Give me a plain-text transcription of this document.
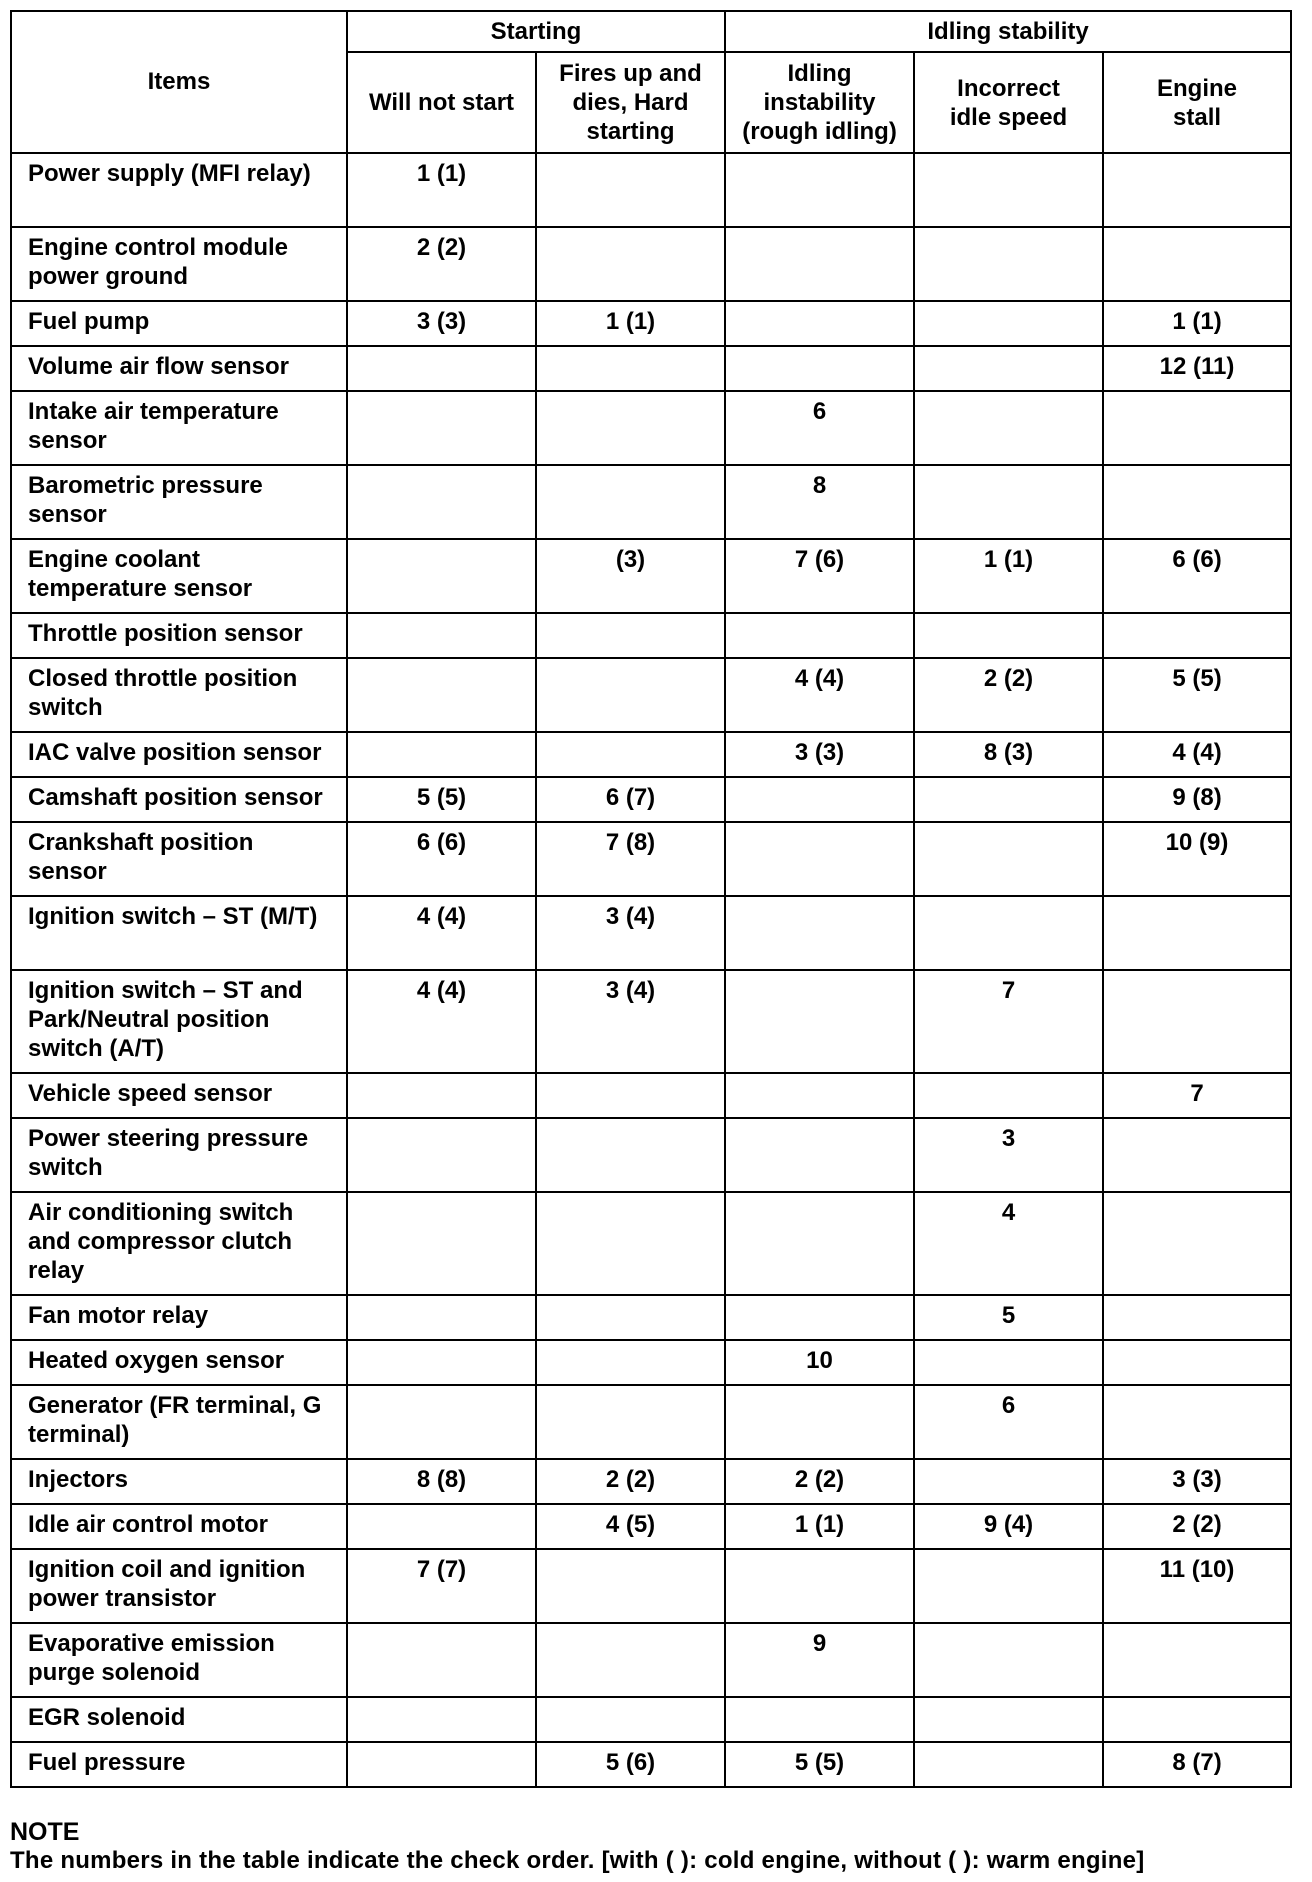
Items	Starting		Idling stability		
	Will not start	Fires up and dies, Hard starting	Idling instability (rough idling)	Incorrect idle speed	Engine stall
Power supply (MFI relay)	1 (1)				
Engine control module power ground	2 (2)				
Fuel pump	3 (3)	1 (1)			1 (1)
Volume air flow sensor					12 (11)
Intake air temperature sensor			6		
Barometric pressure sensor			8		
Engine coolant temperature sensor		(3)	7 (6)	1 (1)	6 (6)
Throttle position sensor					
Closed throttle position switch			4 (4)	2 (2)	5 (5)
IAC valve position sensor			3 (3)	8 (3)	4 (4)
Camshaft position sensor	5 (5)	6 (7)			9 (8)
Crankshaft position sensor	6 (6)	7 (8)			10 (9)
Ignition switch – ST (M/T)	4 (4)	3 (4)			
Ignition switch – ST and Park/Neutral position switch (A/T)	4 (4)	3 (4)		7	
Vehicle speed sensor					7
Power steering pressure switch				3	
Air conditioning switch and compressor clutch relay				4	
Fan motor relay				5	
Heated oxygen sensor			10		
Generator (FR terminal, G terminal)				6	
Injectors	8 (8)	2 (2)	2 (2)		3 (3)
Idle air control motor		4 (5)	1 (1)	9 (4)	2 (2)
Ignition coil and ignition power transistor	7 (7)				11 (10)
Evaporative emission purge solenoid			9		
EGR solenoid					
Fuel pressure		5 (6)	5 (5)		8 (7)

NOTE

The numbers in the table indicate the check order. [with ( ): cold engine, without ( ): warm engine]
